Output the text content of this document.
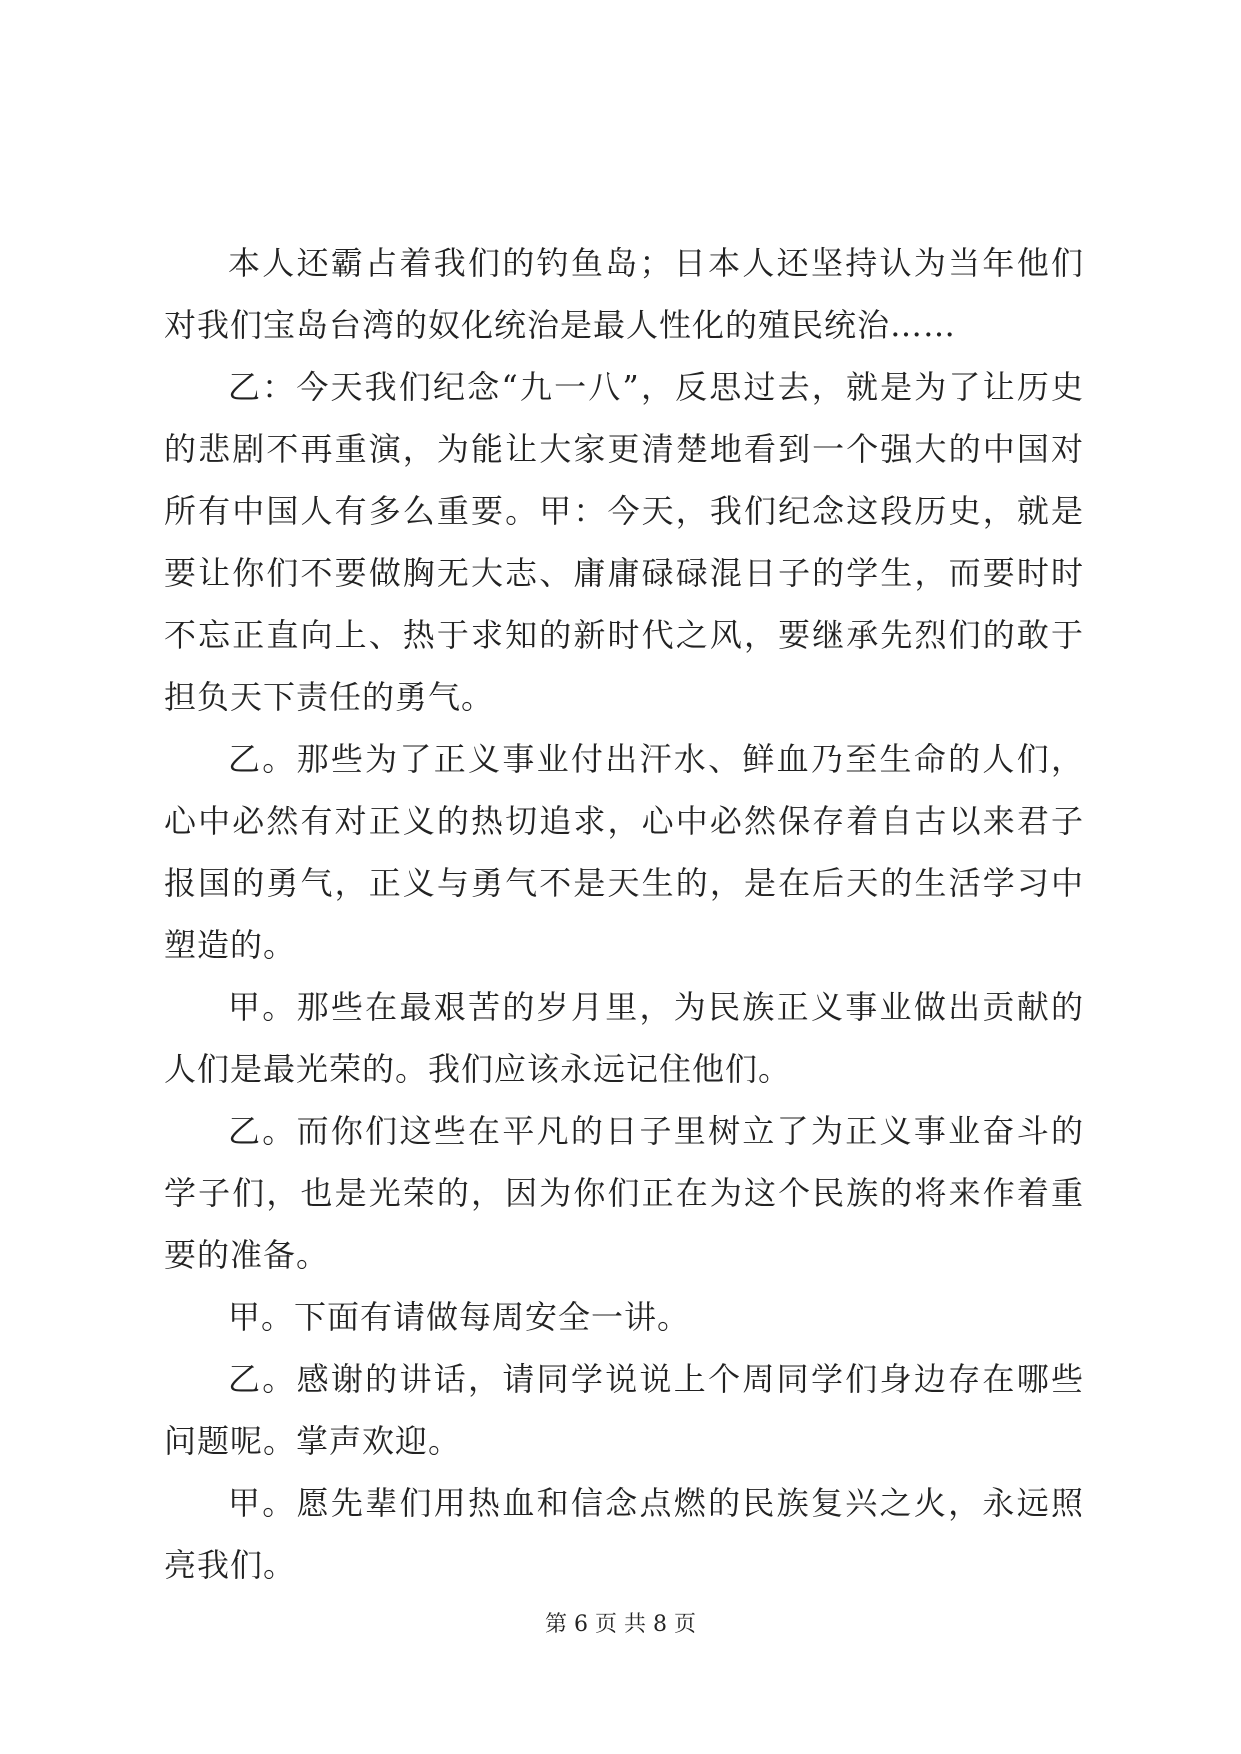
本人还霸占着我们的钓鱼岛；日本人还坚持认为当年他们对我们宝岛台湾的奴化统治是最人性化的殖民统治……

乙：今天我们纪念“九一八”，反思过去，就是为了让历史的悲剧不再重演，为能让大家更清楚地看到一个强大的中国对所有中国人有多么重要。甲：今天，我们纪念这段历史，就是要让你们不要做胸无大志、庸庸碌碌混日子的学生，而要时时不忘正直向上、热于求知的新时代之风，要继承先烈们的敢于担负天下责任的勇气。

乙。那些为了正义事业付出汗水、鲜血乃至生命的人们，心中必然有对正义的热切追求，心中必然保存着自古以来君子报国的勇气，正义与勇气不是天生的，是在后天的生活学习中塑造的。

甲。那些在最艰苦的岁月里，为民族正义事业做出贡献的人们是最光荣的。我们应该永远记住他们。

乙。而你们这些在平凡的日子里树立了为正义事业奋斗的学子们，也是光荣的，因为你们正在为这个民族的将来作着重要的准备。

甲。下面有请做每周安全一讲。

乙。感谢的讲话，请同学说说上个周同学们身边存在哪些问题呢。掌声欢迎。

甲。愿先辈们用热血和信念点燃的民族复兴之火，永远照亮我们。

第 6 页 共 8 页
